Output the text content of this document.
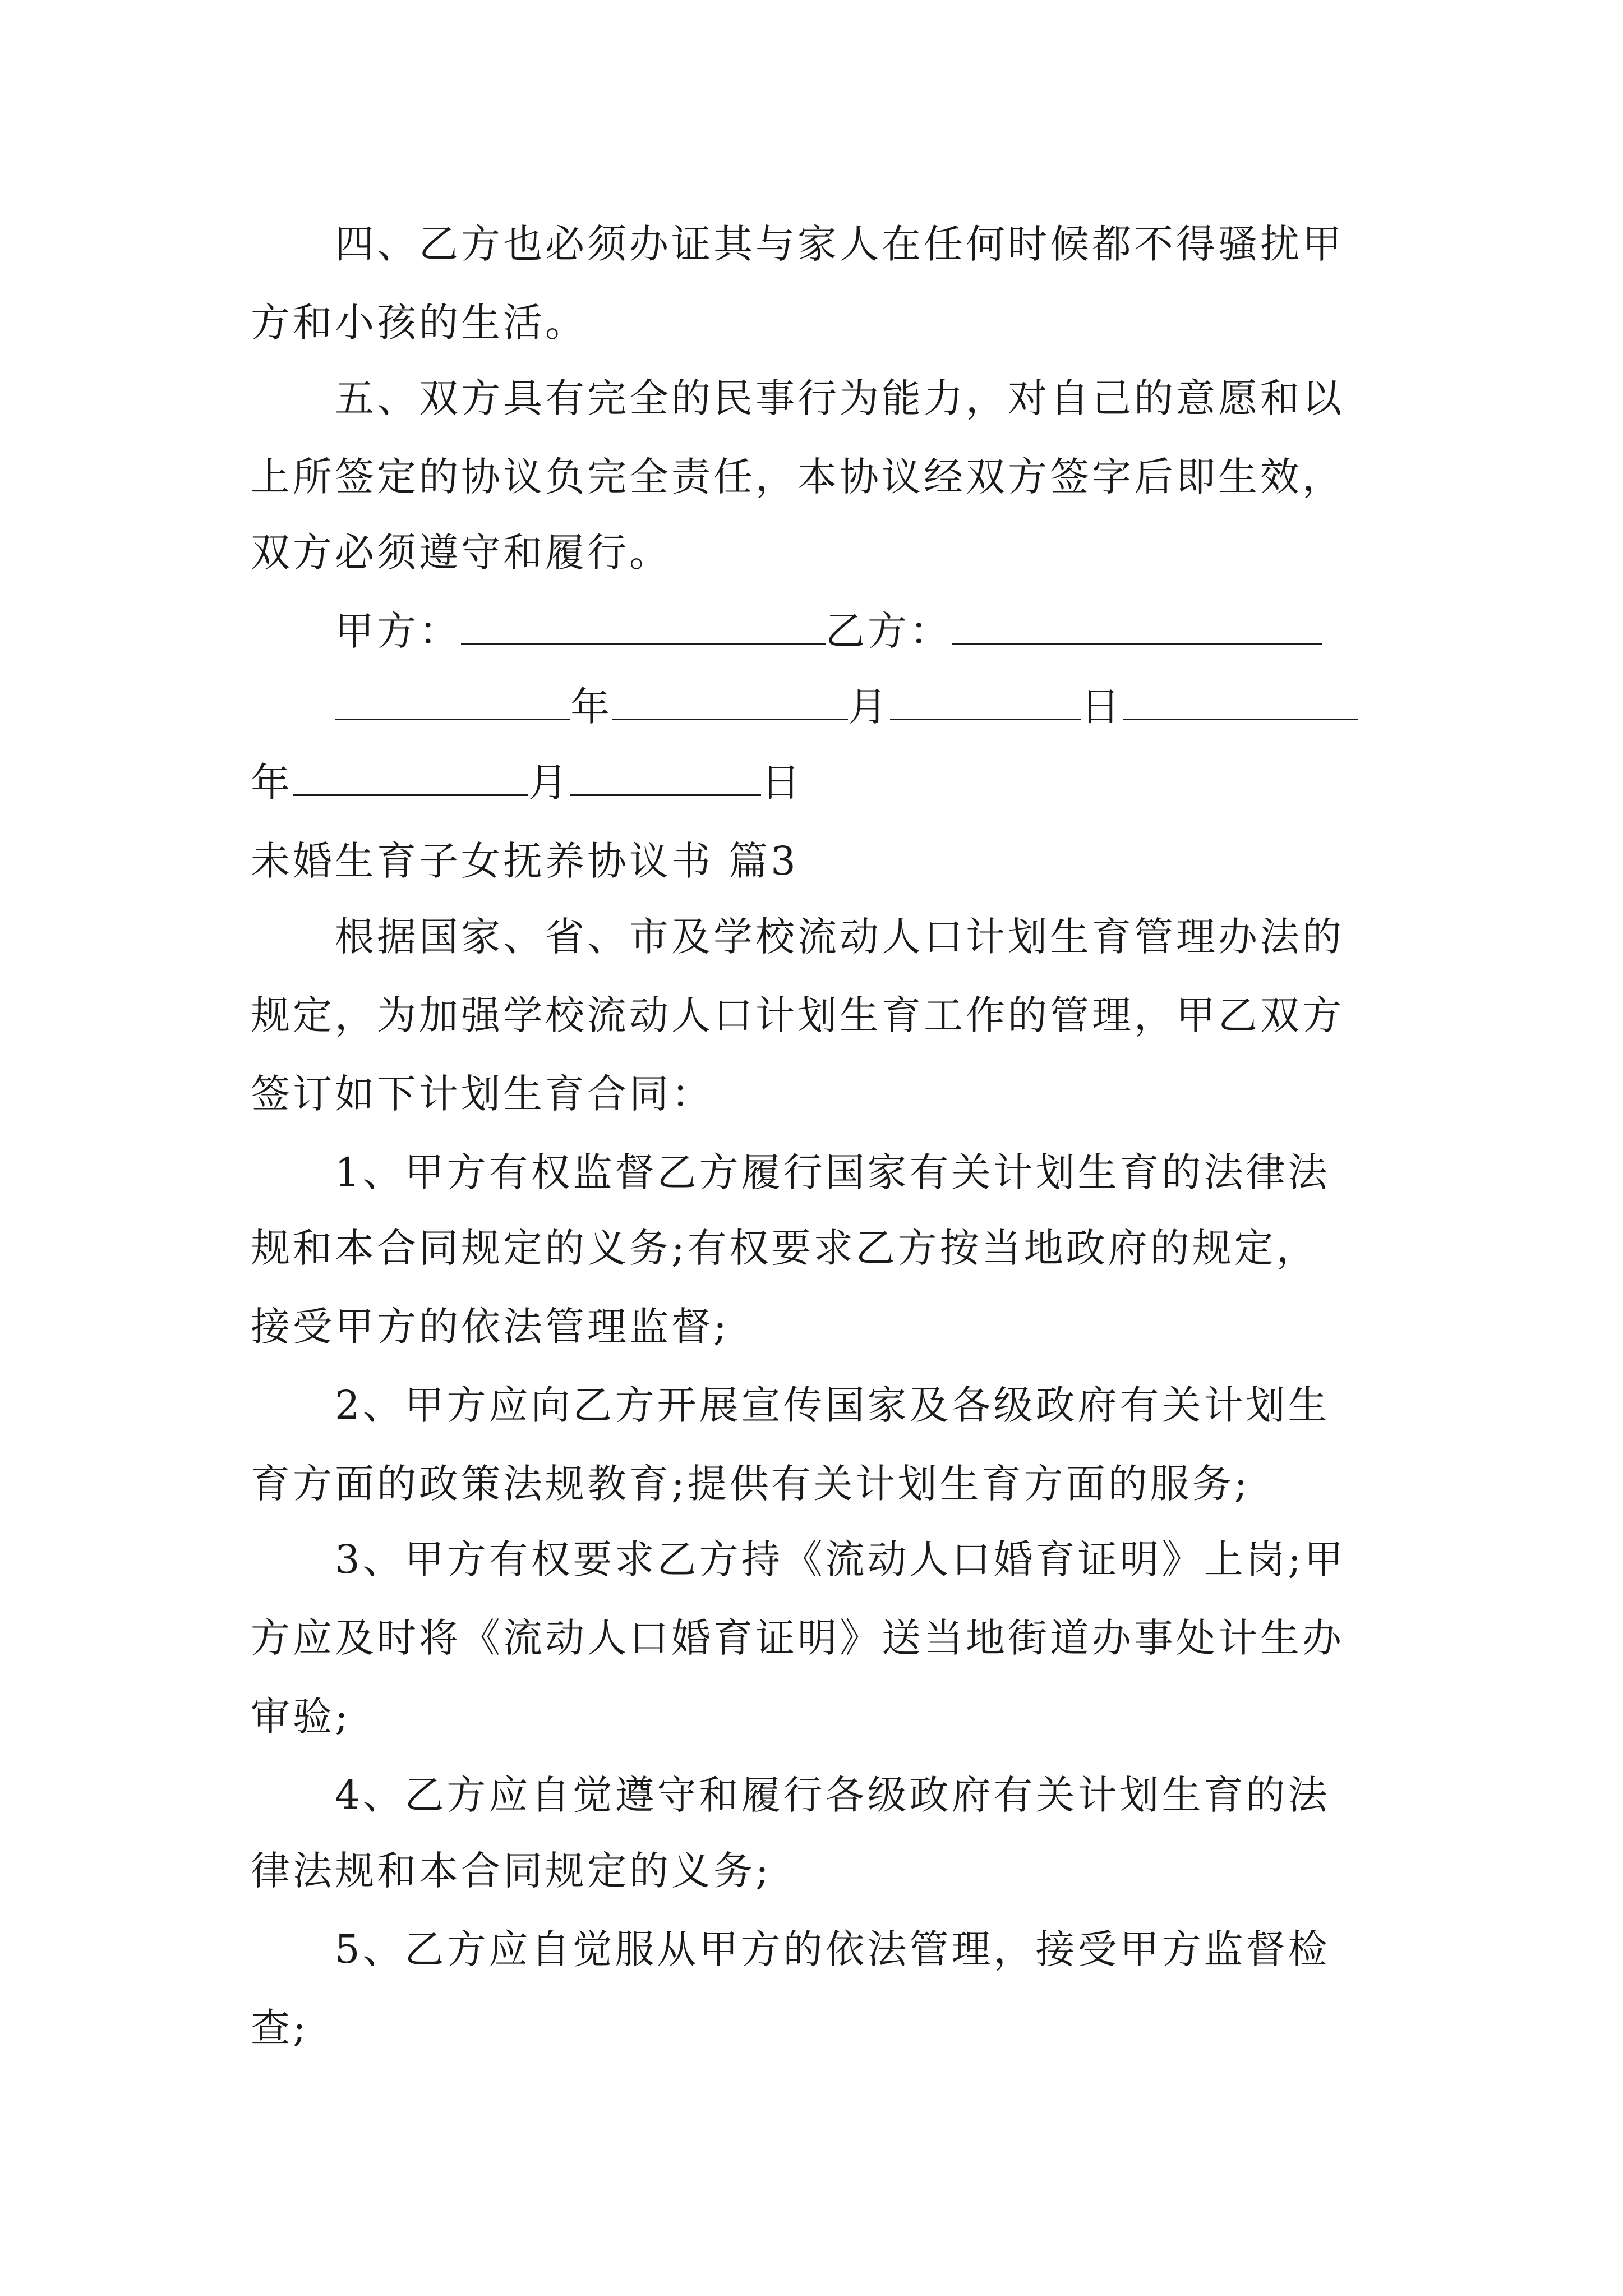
四、乙方也必须办证其与家人在任何时候都不得骚扰甲
方和小孩的生活。
五、双方具有完全的民事行为能力，对自己的意愿和以
上所签定的协议负完全责任，本协议经双方签字后即生效，
双方必须遵守和履行。
甲方：	乙方：
年	月	日
年	月	日
未婚生育子女抚养协议书 篇3
根据国家、省、市及学校流动人口计划生育管理办法的
规定，为加强学校流动人口计划生育工作的管理，甲乙双方
签订如下计划生育合同：
1、甲方有权监督乙方履行国家有关计划生育的法律法
规和本合同规定的义务;有权要求乙方按当地政府的规定，
接受甲方的依法管理监督;
2、甲方应向乙方开展宣传国家及各级政府有关计划生
育方面的政策法规教育;提供有关计划生育方面的服务;
3、甲方有权要求乙方持《流动人口婚育证明》上岗;甲
方应及时将《流动人口婚育证明》送当地街道办事处计生办
审验;
4、乙方应自觉遵守和履行各级政府有关计划生育的法
律法规和本合同规定的义务;
5、乙方应自觉服从甲方的依法管理，接受甲方监督检
查;
